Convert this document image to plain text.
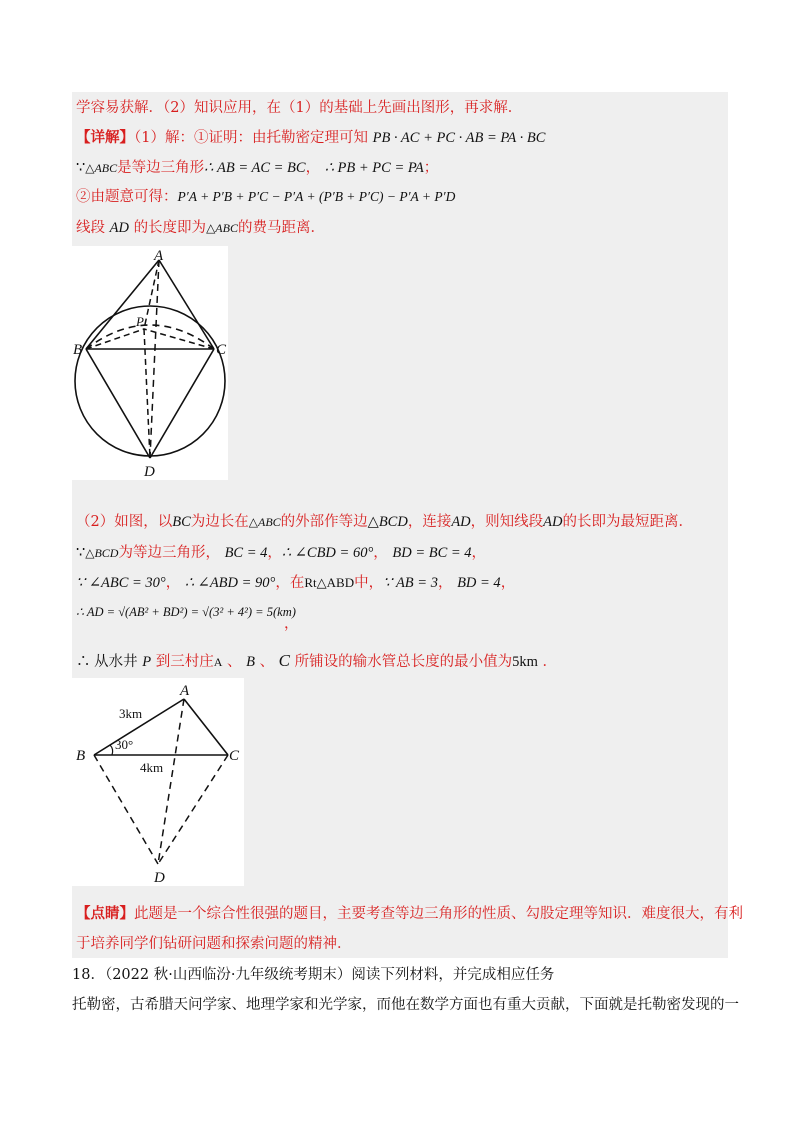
学容易获解．（2）知识应用，在（1）的基础上先画出图形，再求解．
【详解】（1）解：①证明：由托勒密定理可知 PB · AC + PC · AB = PA · BC
∵△ABC是等边三角形∴ AB = AC = BC， ∴ PB + PC = PA；
②由题意可得：P′A + P′B + P′C − P′A + (P′B + P′C) − P′A + P′D
线段 AD 的长度即为△ABC的费马距离．
A
B	C
D
P
（2）如图，以BC为边长在△ABC的外部作等边△BCD，连接AD，则知线段AD的长即为最短距离．
∵△BCD为等边三角形， BC = 4，∴ ∠CBD = 60°， BD = BC = 4，
∵ ∠ABC = 30°， ∴ ∠ABD = 90°，在Rt△ABD中，∵ AB = 3， BD = 4，
∴ AD = √(AB² + BD²) = √(3² + 4²) = 5(km)
，
∴ 从水井 P 到三村庄A 、 B 、 C 所铺设的输水管总长度的最小值为5km ．
A
B	C
D
3km
4km
30°
【点睛】此题是一个综合性很强的题目，主要考查等边三角形的性质、勾股定理等知识．难度很大，有利
于培养同学们钻研问题和探索问题的精神．
18．（2022 秋·山西临汾·九年级统考期末）阅读下列材料，并完成相应任务
托勒密，古希腊天问学家、地理学家和光学家，而他在数学方面也有重大贡献，下面就是托勒密发现的一
